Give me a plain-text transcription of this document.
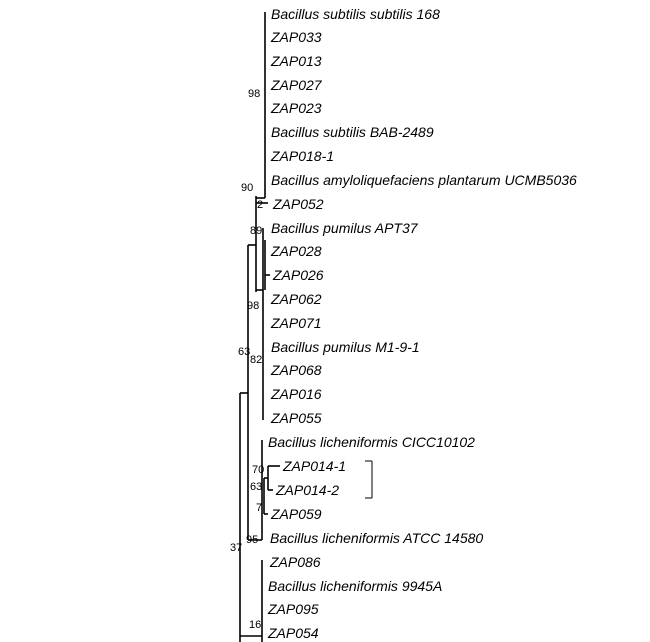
Bacillus subtilis subtilis 168
ZAP033
ZAP013
ZAP027
ZAP023
Bacillus subtilis BAB-2489
ZAP018-1
Bacillus amyloliquefaciens plantarum UCMB5036
ZAP052
Bacillus pumilus APT37
ZAP028
ZAP026
ZAP062
ZAP071
Bacillus pumilus M1-9-1
ZAP068
ZAP016
ZAP055
Bacillus licheniformis CICC10102
ZAP014-1
ZAP014-2
ZAP059
Bacillus licheniformis ATCC 14580
ZAP086
Bacillus licheniformis 9945A
ZAP095
ZAP054
98
90
2
89
98
63
82
70
63
7
95
37
16
